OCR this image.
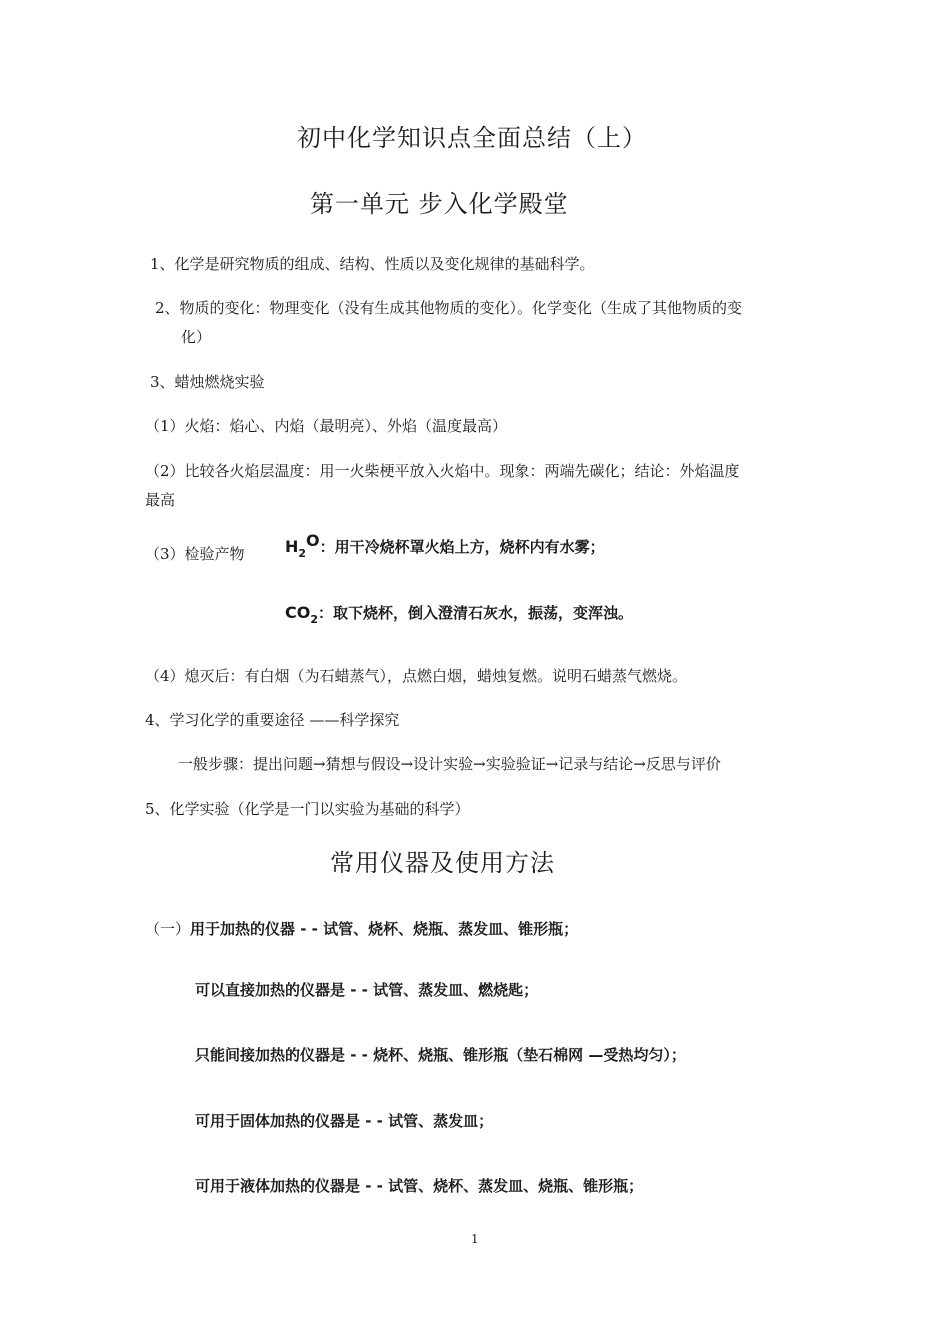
初中化学知识点全面总结（上）
第一单元 步入化学殿堂
1、化学是研究物质的组成、结构、性质以及变化规律的基础科学。
2、物质的变化：物理变化（没有生成其他物质的变化）。化学变化（生成了其他物质的变
化）
3、蜡烛燃烧实验
（1）火焰：焰心、内焰（最明亮）、外焰（温度最高）
（2）比较各火焰层温度：用一火柴梗平放入火焰中。现象：两端先碳化；结论：外焰温度
最高
（3）检验产物	$H_2O$：用干冷烧杯罩火焰上方，烧杯内有水雾；
$CO_2$：取下烧杯，倒入澄清石灰水，振荡，变浑浊。
（4）熄灭后：有白烟（为石蜡蒸气），点燃白烟，蜡烛复燃。说明石蜡蒸气燃烧。
4、学习化学的重要途径 ——科学探究
一般步骤：提出问题→猜想与假设→设计实验→实验验证→记录与结论→反思与评价
5、化学实验（化学是一门以实验为基础的科学）
常用仪器及使用方法
（一）用于加热的仪器 - - 试管、烧杯、烧瓶、蒸发皿、锥形瓶；
可以直接加热的仪器是 - - 试管、蒸发皿、燃烧匙；
只能间接加热的仪器是 - - 烧杯、烧瓶、锥形瓶（垫石棉网 —受热均匀）；
可用于固体加热的仪器是 - - 试管、蒸发皿；
可用于液体加热的仪器是 - - 试管、烧杯、蒸发皿、烧瓶、锥形瓶；
1
